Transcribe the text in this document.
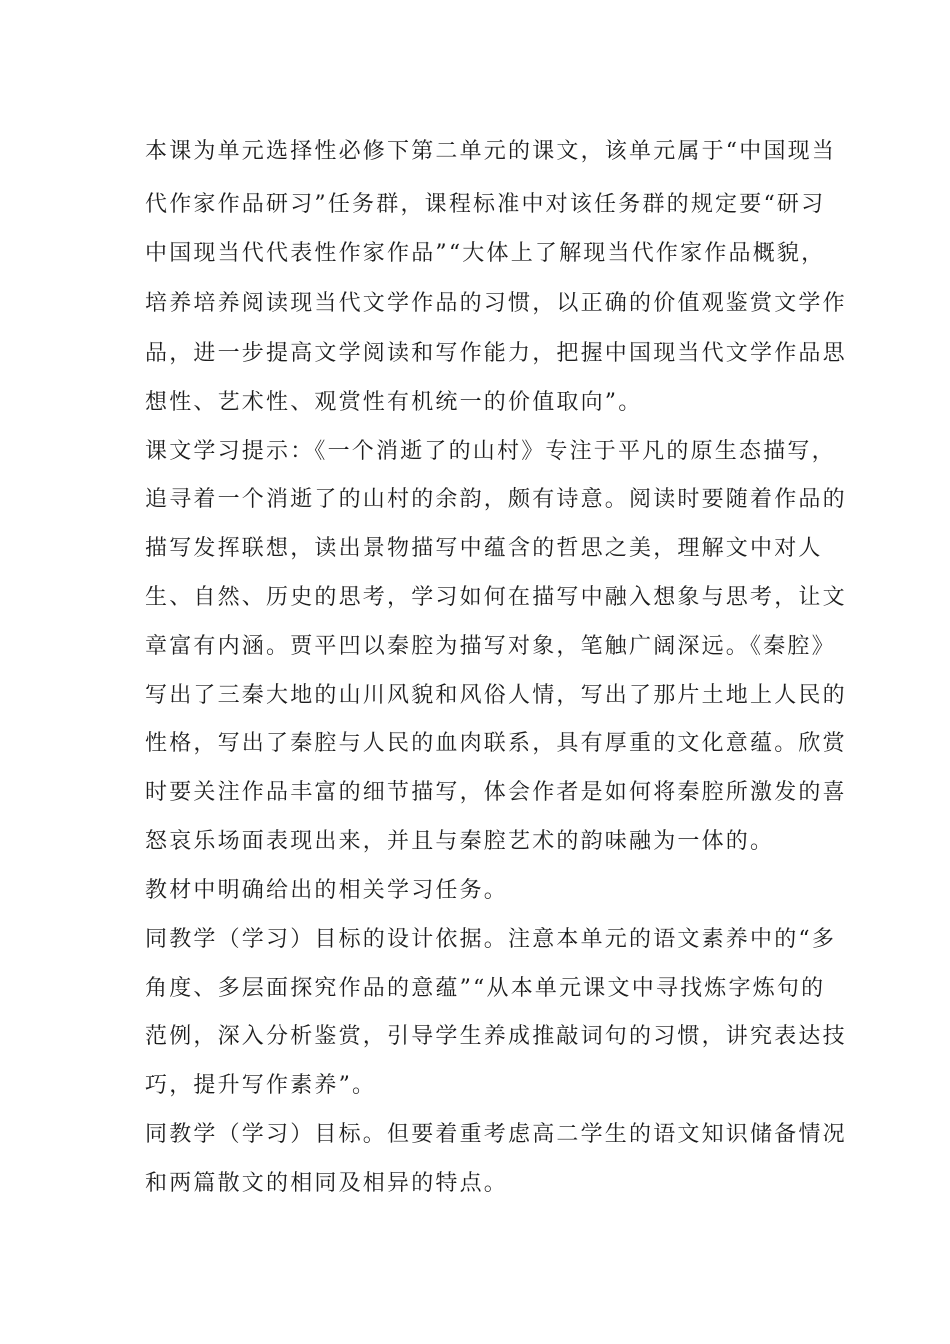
本课为单元选择性必修下第二单元的课文，该单元属于“中国现当
代作家作品研习”任务群，课程标准中对该任务群的规定要“研习
中国现当代代表性作家作品”“大体上了解现当代作家作品概貌，
培养培养阅读现当代文学作品的习惯，以正确的价值观鉴赏文学作
品，进一步提高文学阅读和写作能力，把握中国现当代文学作品思
想性、艺术性、观赏性有机统一的价值取向”。
课文学习提示：《一个消逝了的山村》专注于平凡的原生态描写，
追寻着一个消逝了的山村的余韵，颇有诗意。阅读时要随着作品的
描写发挥联想，读出景物描写中蕴含的哲思之美，理解文中对人
生、自然、历史的思考，学习如何在描写中融入想象与思考，让文
章富有内涵。贾平凹以秦腔为描写对象，笔触广阔深远。《秦腔》
写出了三秦大地的山川风貌和风俗人情，写出了那片土地上人民的
性格，写出了秦腔与人民的血肉联系，具有厚重的文化意蕴。欣赏
时要关注作品丰富的细节描写，体会作者是如何将秦腔所激发的喜
怒哀乐场面表现出来，并且与秦腔艺术的韵味融为一体的。
教材中明确给出的相关学习任务。
同教学（学习）目标的设计依据。注意本单元的语文素养中的“多
角度、多层面探究作品的意蕴”“从本单元课文中寻找炼字炼句的
范例，深入分析鉴赏，引导学生养成推敲词句的习惯，讲究表达技
巧，提升写作素养”。
同教学（学习）目标。但要着重考虑高二学生的语文知识储备情况
和两篇散文的相同及相异的特点。
